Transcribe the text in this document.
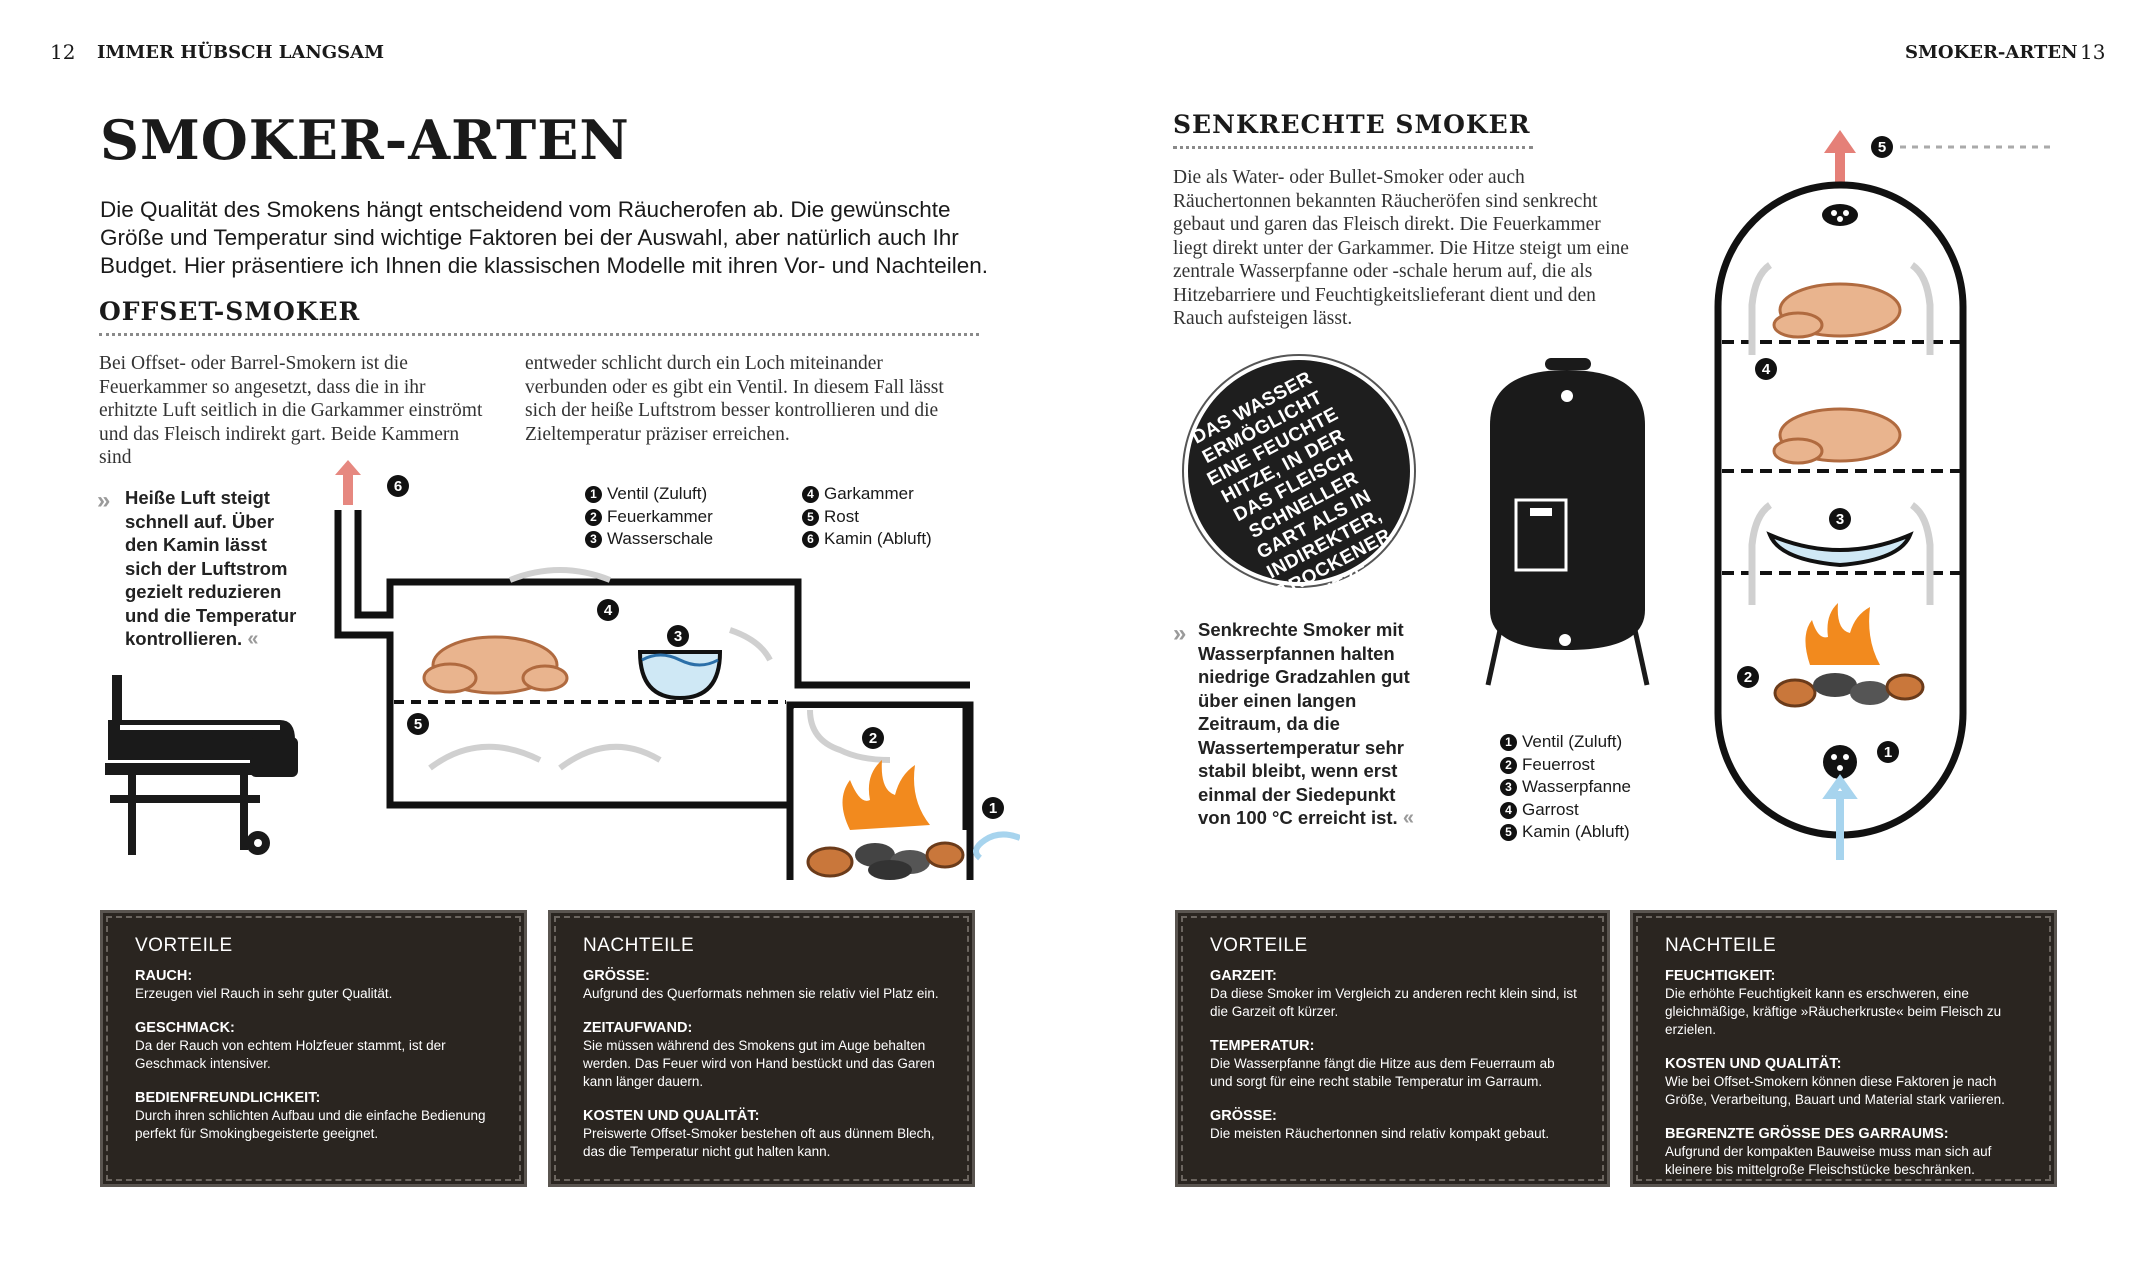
12 IMMER HÜBSCH LANGSAM
SMOKER-ARTEN
Die Qualität des Smokens hängt entscheidend vom Räucherofen ab. Die gewünschte Größe und Temperatur sind wichtige Faktoren bei der Auswahl, aber natürlich auch Ihr Budget. Hier präsentiere ich Ihnen die klassischen Modelle mit ihren Vor- und Nachteilen.
OFFSET-SMOKER
Bei Offset- oder Barrel-Smokern ist die Feuerkammer so angesetzt, dass die in ihr erhitzte Luft seitlich in die Garkammer einströmt und das Fleisch indirekt gart. Beide Kammern sind
entweder schlicht durch ein Loch miteinander verbunden oder es gibt ein Ventil. In diesem Fall lässt sich der heiße Luftstrom besser kontrollieren und die Zieltemperatur präziser erreichen.
» Heiße Luft steigt schnell auf. Über den Kamin lässt sich der Luftstrom gezielt reduzieren und die Temperatur kontrollieren. «
1 Ventil (Zuluft)
2 Feuerkammer
3 Wasserschale
4 Garkammer
5 Rost
6 Kamin (Abluft)
6
4
3
5
2
1
VORTEILE
RAUCH:
Erzeugen viel Rauch in sehr guter Qualität.
GESCHMACK:
Da der Rauch von echtem Holzfeuer stammt, ist der Geschmack intensiver.
BEDIENFREUNDLICHKEIT:
Durch ihren schlichten Aufbau und die einfache Bedienung perfekt für Smokingbegeisterte geeignet.
NACHTEILE
GRÖSSE:
Aufgrund des Querformats nehmen sie relativ viel Platz ein.
ZEITAUFWAND:
Sie müssen während des Smokens gut im Auge behalten werden. Das Feuer wird von Hand bestückt und das Garen kann länger dauern.
KOSTEN UND QUALITÄT:
Preiswerte Offset-Smoker bestehen oft aus dünnem Blech, das die Temperatur nicht gut halten kann.
SMOKER-ARTEN 13
SENKRECHTE SMOKER
Die als Water- oder Bullet-Smoker oder auch Räuchertonnen bekannten Räucheröfen sind senkrecht gebaut und garen das Fleisch direkt. Die Feuerkammer liegt direkt unter der Garkammer. Die Hitze steigt um eine zentrale Wasserpfanne oder -schale herum auf, die als Hitzebarriere und Feuchtigkeitslieferant dient und den Rauch aufsteigen lässt.
DAS WASSER ERMÖGLICHT EINE FEUCHTE HITZE, IN DER DAS FLEISCH SCHNELLER GART ALS IN INDIREKTER, TROCKENER HITZE.
» Senkrechte Smoker mit Wasserpfannen halten niedrige Gradzahlen gut über einen langen Zeitraum, da die Wassertemperatur sehr stabil bleibt, wenn erst einmal der Siedepunkt von 100 °C erreicht ist. «
1 Ventil (Zuluft)
2 Feuerrost
3 Wasserpfanne
4 Garrost
5 Kamin (Abluft)
5
4
3
2
1
VORTEILE
GARZEIT:
Da diese Smoker im Vergleich zu anderen recht klein sind, ist die Garzeit oft kürzer.
TEMPERATUR:
Die Wasserpfanne fängt die Hitze aus dem Feuerraum ab und sorgt für eine recht stabile Temperatur im Garraum.
GRÖSSE:
Die meisten Räuchertonnen sind relativ kompakt gebaut.
NACHTEILE
FEUCHTIGKEIT:
Die erhöhte Feuchtigkeit kann es erschweren, eine gleichmäßige, kräftige »Räucherkruste« beim Fleisch zu erzielen.
KOSTEN UND QUALITÄT:
Wie bei Offset-Smokern können diese Faktoren je nach Größe, Verarbeitung, Bauart und Material stark variieren.
BEGRENZTE GRÖSSE DES GARRAUMS:
Aufgrund der kompakten Bauweise muss man sich auf kleinere bis mittelgroße Fleischstücke beschränken.
